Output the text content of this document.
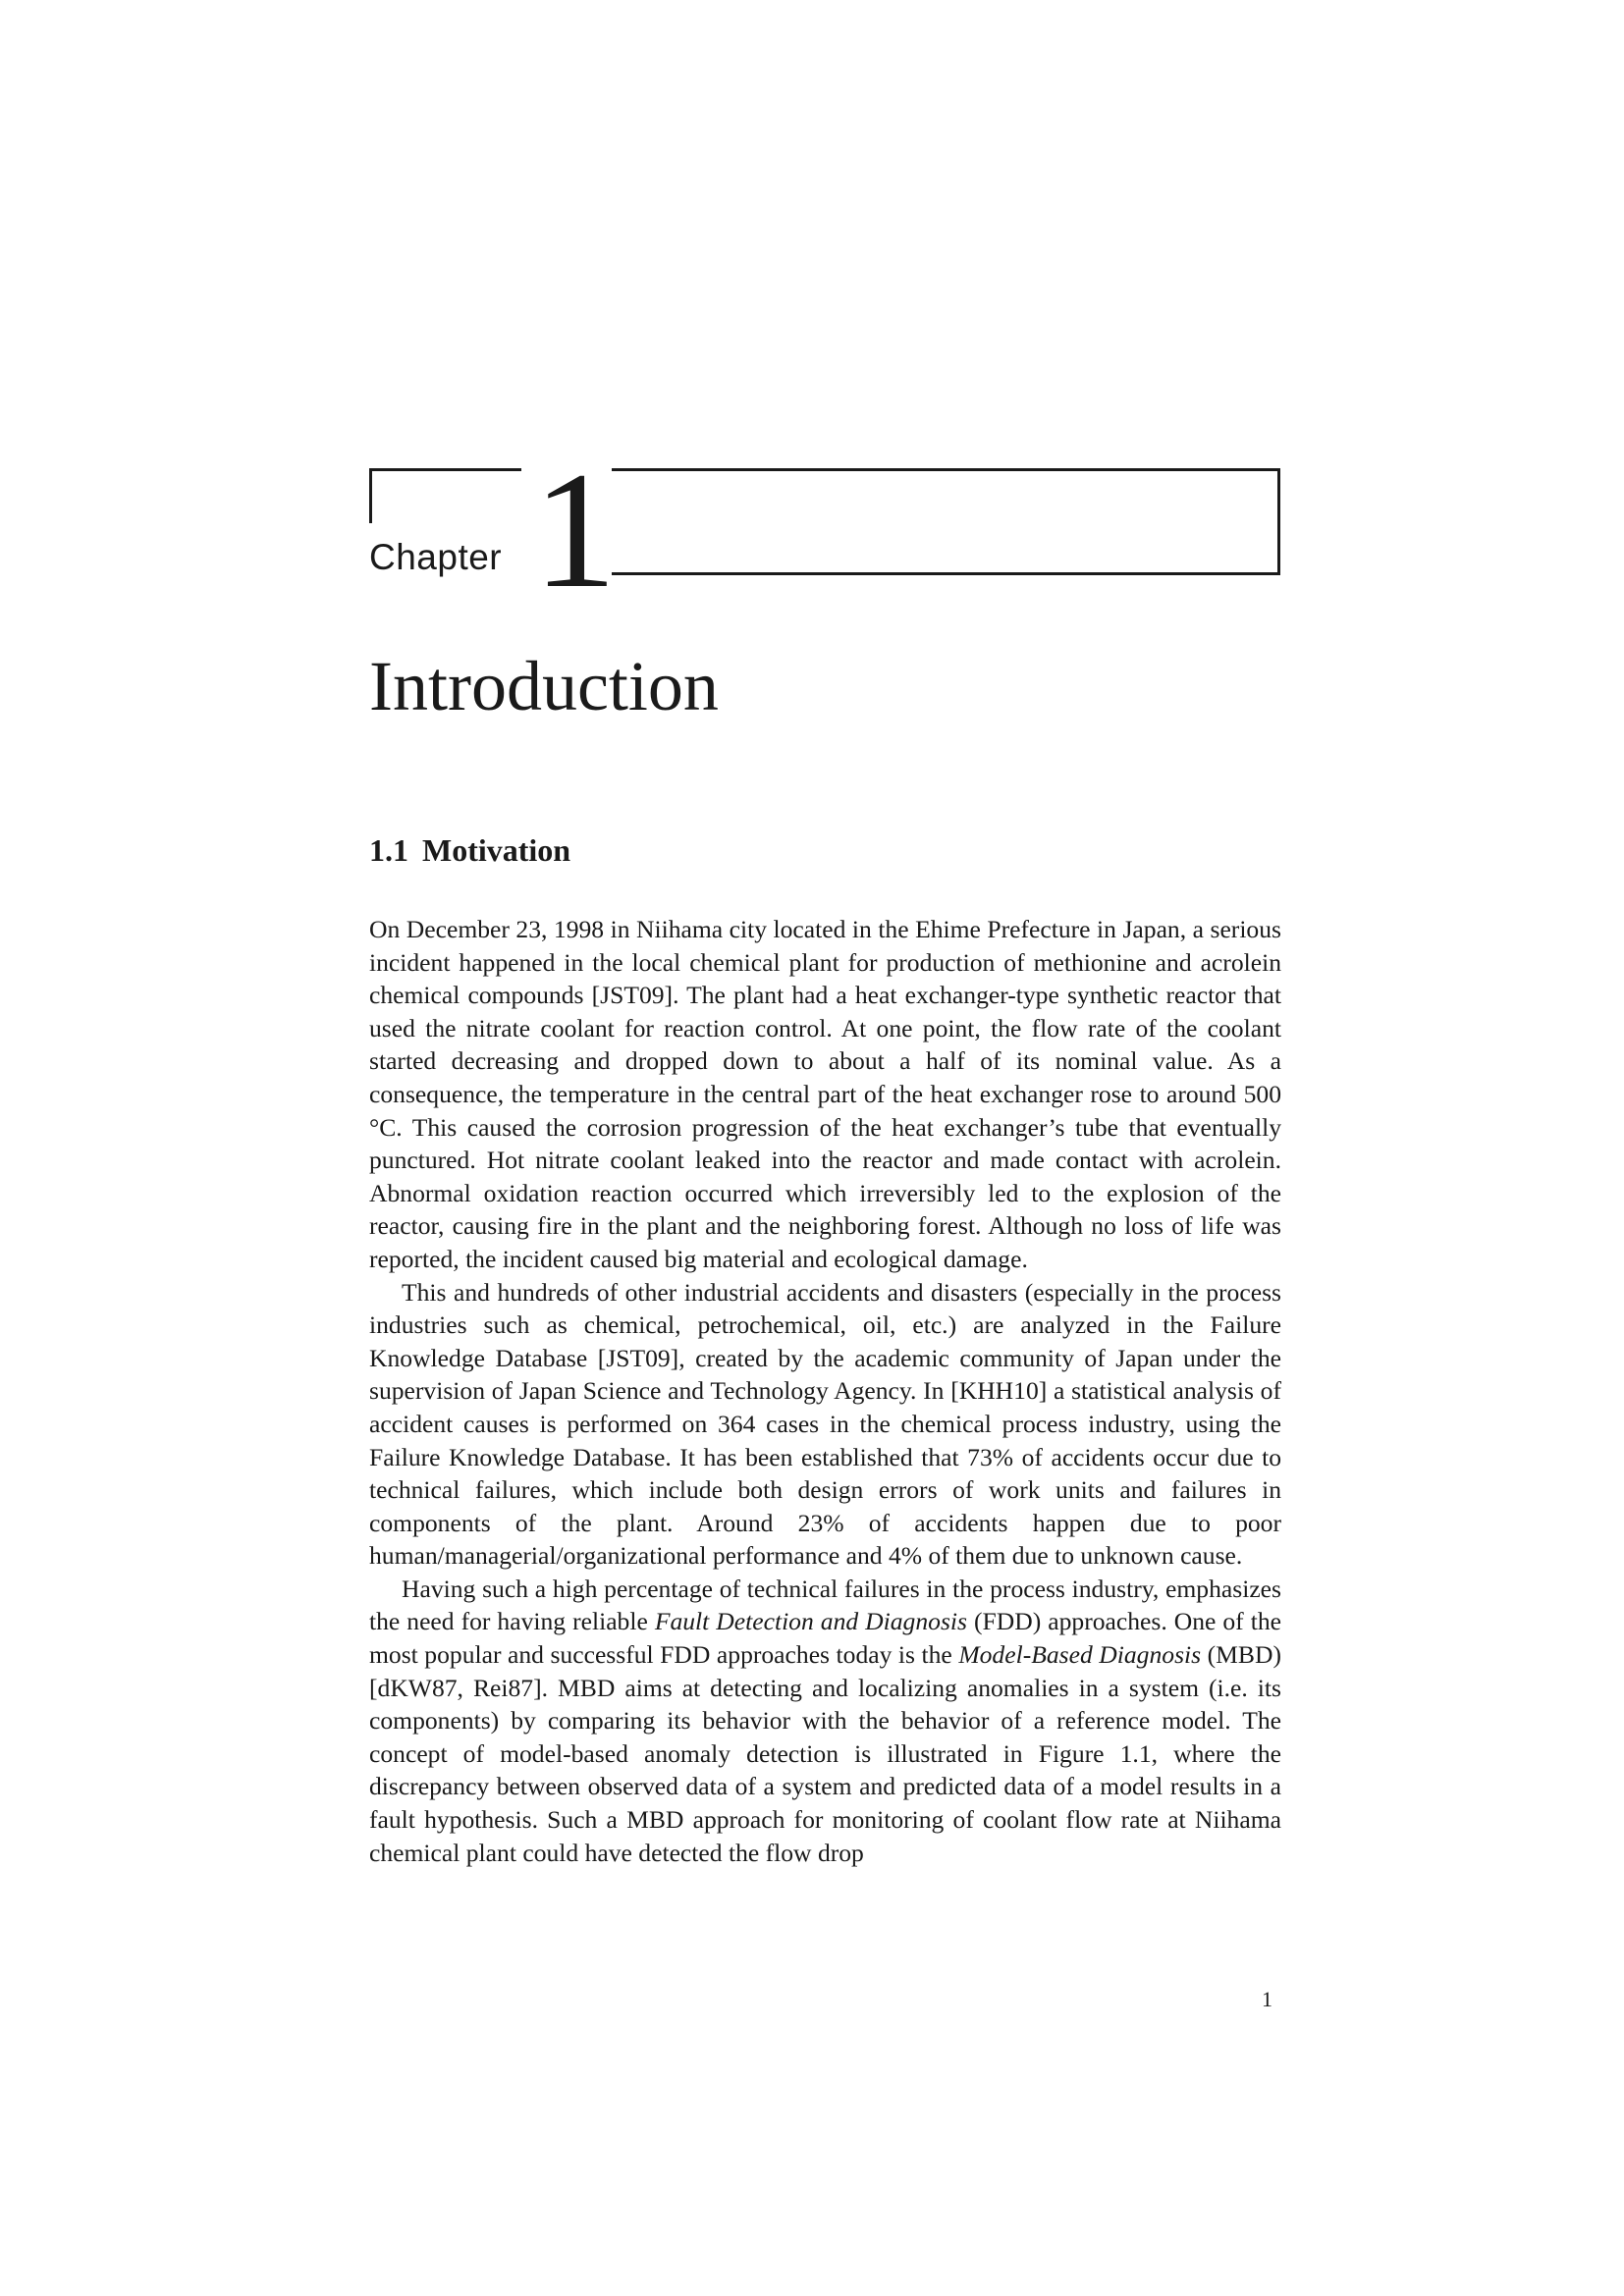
Chapter 1
Introduction
1.1 Motivation

On December 23, 1998 in Niihama city located in the Ehime Prefecture in Japan, a serious incident happened in the local chemical plant for production of methionine and acrolein chemical compounds [JST09]. The plant had a heat exchanger-type synthetic reactor that used the nitrate coolant for reaction control. At one point, the flow rate of the coolant started decreasing and dropped down to about a half of its nominal value. As a consequence, the temperature in the central part of the heat exchanger rose to around 500 °C. This caused the corrosion progression of the heat exchanger’s tube that eventually punctured. Hot nitrate coolant leaked into the reactor and made contact with acrolein. Abnormal oxidation reaction occurred which irreversibly led to the explosion of the reactor, causing fire in the plant and the neighboring forest. Although no loss of life was reported, the incident caused big material and ecological damage.

This and hundreds of other industrial accidents and disasters (especially in the process industries such as chemical, petrochemical, oil, etc.) are analyzed in the Failure Knowledge Database [JST09], created by the academic community of Japan under the supervision of Japan Science and Technology Agency. In [KHH10] a statistical analysis of accident causes is performed on 364 cases in the chemical process industry, using the Failure Knowledge Database. It has been established that 73% of accidents occur due to technical failures, which include both design errors of work units and failures in components of the plant. Around 23% of accidents happen due to poor human/managerial/organizational performance and 4% of them due to unknown cause.

Having such a high percentage of technical failures in the process industry, emphasizes the need for having reliable Fault Detection and Diagnosis (FDD) approaches. One of the most popular and successful FDD approaches today is the Model-Based Diagnosis (MBD) [dKW87, Rei87]. MBD aims at detecting and localizing anomalies in a system (i.e. its components) by comparing its behavior with the behavior of a reference model. The concept of model-based anomaly detection is illustrated in Figure 1.1, where the discrepancy between observed data of a system and predicted data of a model results in a fault hypothesis. Such a MBD approach for monitoring of coolant flow rate at Niihama chemical plant could have detected the flow drop

1
